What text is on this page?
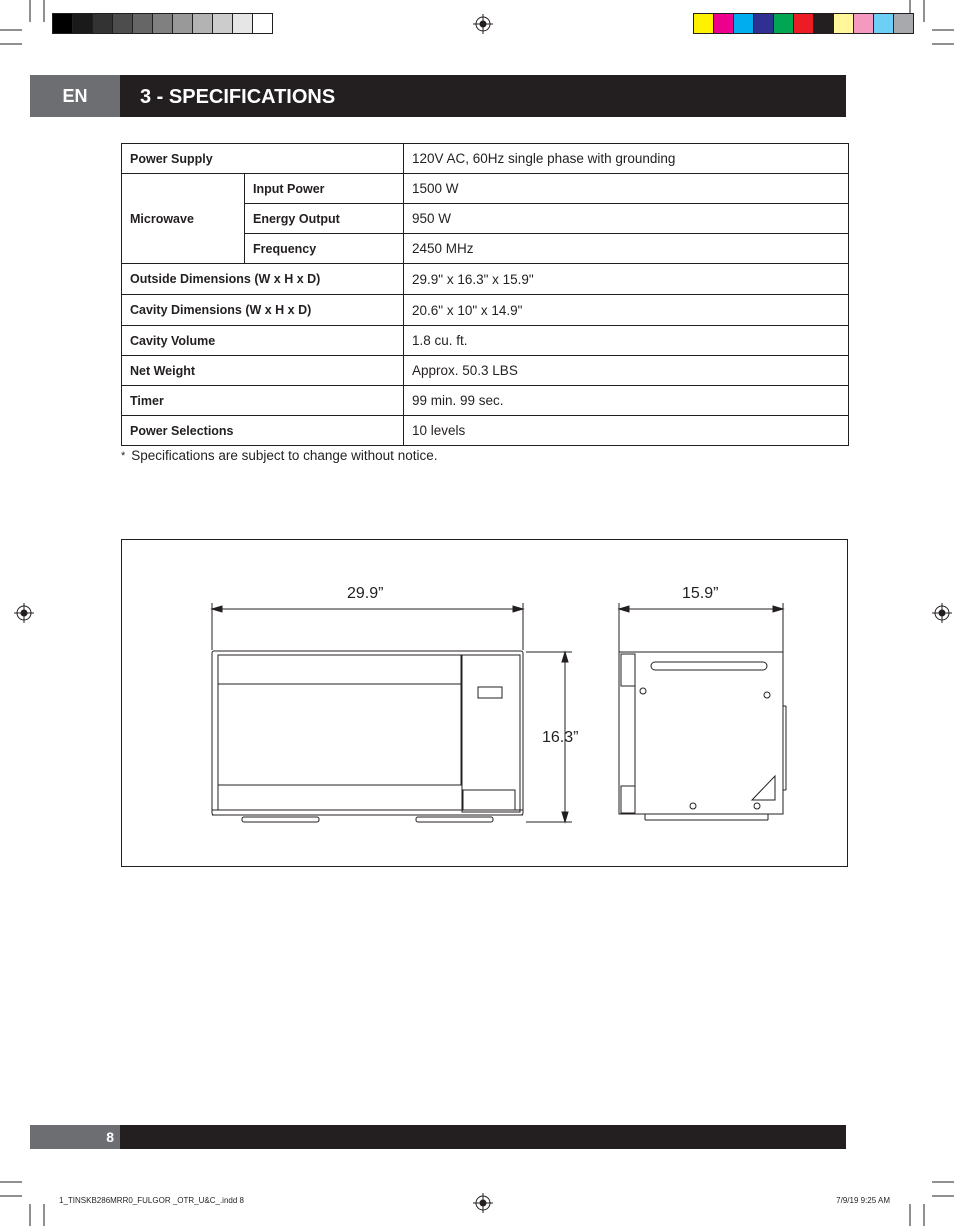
EN	3 - SPECIFICATIONS
Power Supply		120V AC, 60Hz single phase with grounding
Microwave	Input Power	1500 W
	Energy Output	950 W
	Frequency	2450 MHz
Outside Dimensions (W x H x D)		29.9" x 16.3" x 15.9"
Cavity Dimensions (W x H x D)		20.6" x 10" x 14.9"
Cavity Volume		1.8 cu. ft.
Net Weight		Approx. 50.3 LBS
Timer		99 min. 99 sec.
Power Selections		10 levels
* Specifications are subject to change without notice.
29.9”	15.9”
16.3”
8
1_TINSKB286MRR0_FULGOR _OTR_U&C_.indd 8	7/9/19 9:25 AM
